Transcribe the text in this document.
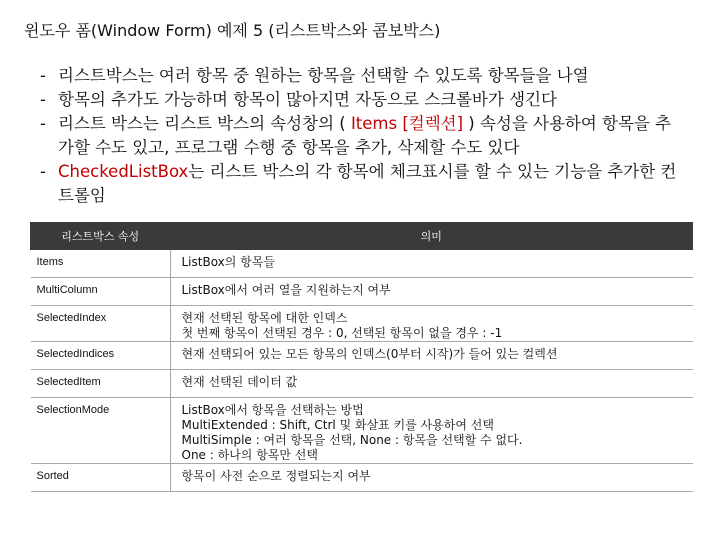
윈도우 폼(Window Form) 예제 5 (리스트박스와 콤보박스)
- 리스트박스는 여러 항목 중 원하는 항목을 선택할 수 있도록 항목들을 나열
- 항목의 추가도 가능하며 항목이 많아지면 자동으로 스크롤바가 생긴다
- 리스트 박스는 리스트 박스의 속성창의 ( Items [컬렉션] ) 속성을 사용하여 항목을 추가할 수도 있고, 프로그램 수행 중 항목을 추가, 삭제할 수도 있다
- CheckedListBox는 리스트 박스의 각 항목에 체크표시를 할 수 있는 기능을 추가한 컨트롤임
리스트박스 속성	의미
Items	ListBox의 항목들

MultiColumn	ListBox에서 여러 열을 지원하는지 여부

SelectedIndex	현재 선택된 항목에 대한 인덱스
첫 번째 항목이 선택된 경우 : 0, 선택된 항목이 없을 경우 : -1

SelectedIndices	현재 선택되어 있는 모든 항목의 인덱스(0부터 시작)가 들어 있는 컬렉션

SelectedItem	현재 선택된 데이터 값

SelectionMode	ListBox에서 항목을 선택하는 방법
MultiExtended : Shift, Ctrl 및 화살표 키를 사용하여 선택
MultiSimple : 여러 항목을 선택, None : 항목을 선택할 수 없다.
One : 하나의 항목만 선택

Sorted	항목이 사전 순으로 정렬되는지 여부
